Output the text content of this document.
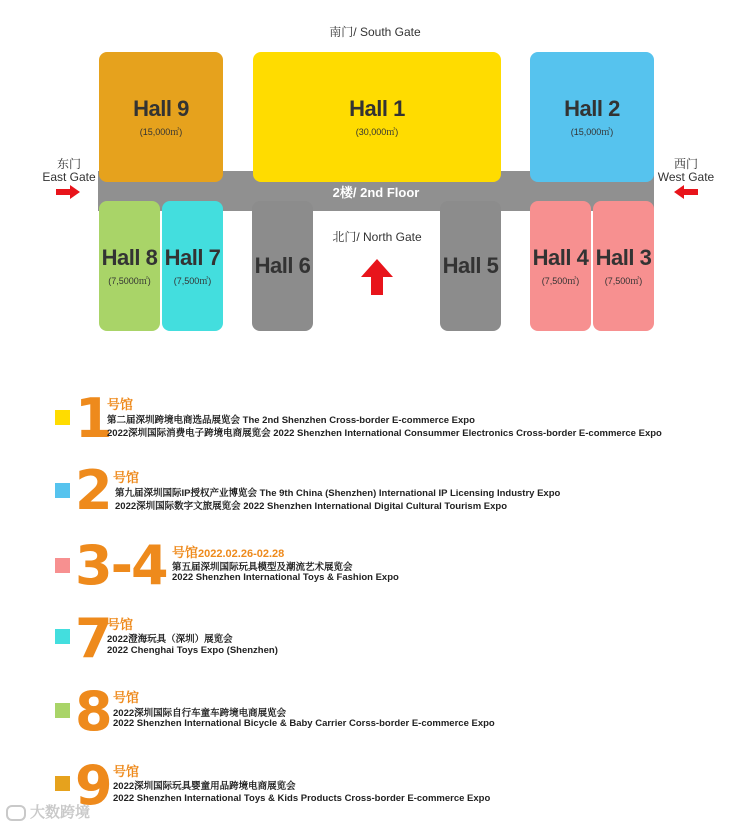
南门/ South Gate
北门/ North Gate
东门
East Gate
西门
West Gate
2楼/ 2nd Floor
Hall 9
(15,000㎡)
Hall 1
(30,000㎡)
Hall 2
(15,000㎡)
Hall 8
(7,5000㎡)
Hall 7
(7,500㎡)
Hall 6	Hall 5 Hall 4
(7,500㎡)
Hall 3
(7,500㎡)
1
号馆
第二届深圳跨境电商选品展览会 The 2nd Shenzhen Cross-border E-commerce Expo
2022深圳国际消费电子跨境电商展览会 2022 Shenzhen International Consummer Electronics Cross-border E-commerce Expo
2 号馆
第九届深圳国际IP授权产业博览会 The 9th China (Shenzhen) International IP Licensing Industry Expo
2022深圳国际数字文旅展览会 2022 Shenzhen International Digital Cultural Tourism Expo
3-4 号馆2022.02.26-02.28
第五届深圳国际玩具模型及潮流艺术展览会
2022 Shenzhen International Toys & Fashion Expo
7
号馆
2022澄海玩具（深圳）展览会
2022 Chenghai Toys Expo (Shenzhen)
8 号馆
2022深圳国际自行车童车跨境电商展览会
2022 Shenzhen International Bicycle & Baby Carrier Corss-border E-commerce Expo
9 号馆
2022深圳国际玩具婴童用品跨境电商展览会
2022 Shenzhen International Toys & Kids Products Cross-border E-commerce Expo
大数跨境
